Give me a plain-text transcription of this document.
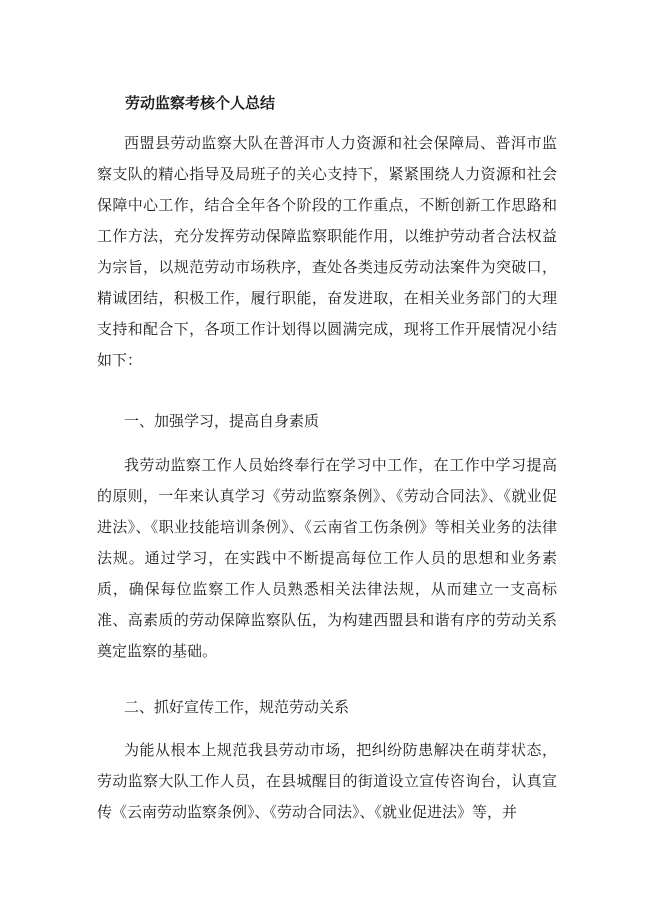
劳动监察考核个人总结
西盟县劳动监察大队在普洱市人力资源和社会保障局、普洱市监察支队的精心指导及局班子的关心支持下，紧紧围绕人力资源和社会保障中心工作，结合全年各个阶段的工作重点，不断创新工作思路和工作方法，充分发挥劳动保障监察职能作用，以维护劳动者合法权益为宗旨，以规范劳动市场秩序，查处各类违反劳动法案件为突破口，精诚团结，积极工作，履行职能，奋发进取，在相关业务部门的大理支持和配合下，各项工作计划得以圆满完成，现将工作开展情况小结如下：
一、加强学习，提高自身素质
我劳动监察工作人员始终奉行在学习中工作，在工作中学习提高的原则，一年来认真学习《劳动监察条例》、《劳动合同法》、《就业促进法》、《职业技能培训条例》、《云南省工伤条例》等相关业务的法律法规。通过学习，在实践中不断提高每位工作人员的思想和业务素质，确保每位监察工作人员熟悉相关法律法规，从而建立一支高标准、高素质的劳动保障监察队伍，为构建西盟县和谐有序的劳动关系奠定监察的基础。
二、抓好宣传工作，规范劳动关系
为能从根本上规范我县劳动市场，把纠纷防患解决在萌芽状态，劳动监察大队工作人员，在县城醒目的街道设立宣传咨询台，认真宣传《云南劳动监察条例》、《劳动合同法》、《就业促进法》等，并
